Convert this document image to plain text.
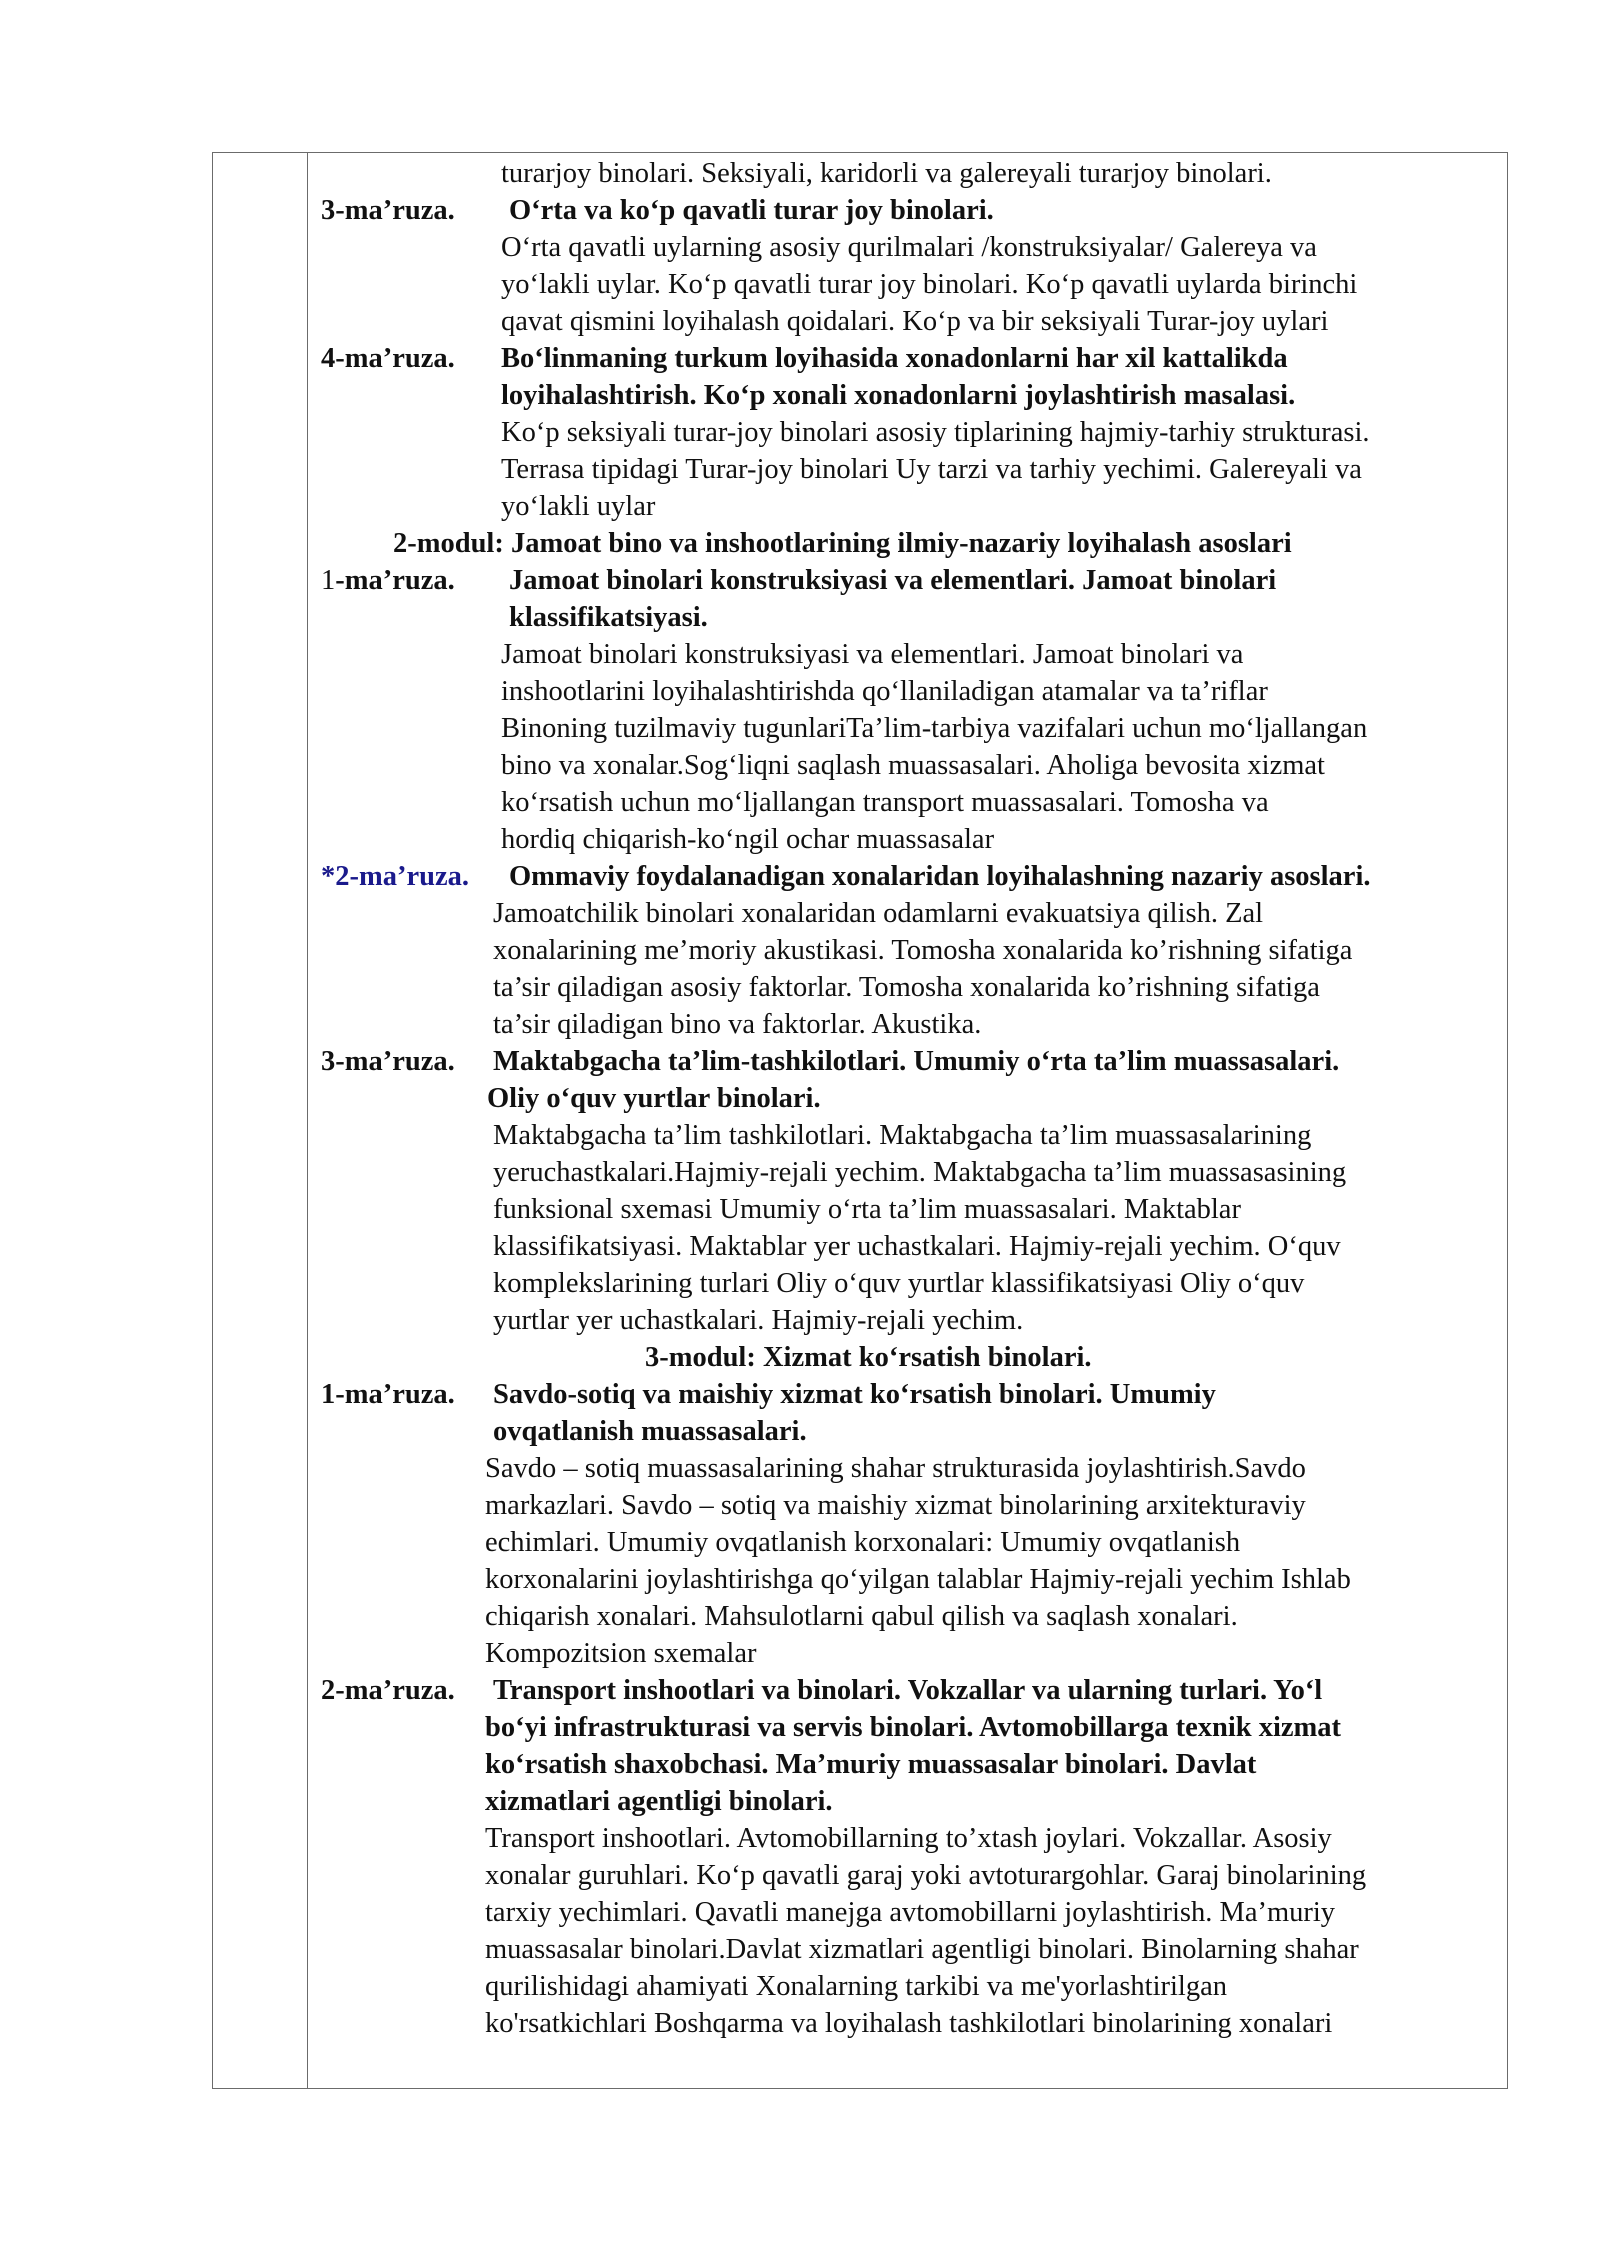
turarjoy binolari. Seksiyali, karidorli va galereyali turarjoy binolari.
3-ma’ruza. O‘rta va ko‘p qavatli turar joy binolari.
O‘rta qavatli uylarning asosiy qurilmalari /konstruksiyalar/ Galereya va
yo‘lakli uylar. Ko‘p qavatli turar joy binolari. Ko‘p qavatli uylarda birinchi
qavat qismini loyihalash qoidalari. Ko‘p va bir seksiyali Turar-joy uylari
4-ma’ruza. Bo‘linmaning turkum loyihasida xonadonlarni har xil kattalikda
loyihalashtirish. Ko‘p xonali xonadonlarni joylashtirish masalasi.
Ko‘p seksiyali turar-joy binolari asosiy tiplarining hajmiy-tarhiy strukturasi.
Terrasa tipidagi Turar-joy binolari Uy tarzi va tarhiy yechimi. Galereyali va
yo‘lakli uylar
2-modul: Jamoat bino va inshootlarining ilmiy-nazariy loyihalash asoslari
1-ma’ruza. Jamoat binolari konstruksiyasi va elementlari. Jamoat binolari
klassifikatsiyasi.
Jamoat binolari konstruksiyasi va elementlari. Jamoat binolari va
inshootlarini loyihalashtirishda qo‘llaniladigan atamalar va ta’riflar
Binoning tuzilmaviy tugunlariTa’lim-tarbiya vazifalari uchun mo‘ljallangan
bino va xonalar.Sog‘liqni saqlash muassasalari. Aholiga bevosita xizmat
ko‘rsatish uchun mo‘ljallangan transport muassasalari. Tomosha va
hordiq chiqarish-ko‘ngil ochar muassasalar
*2-ma’ruza. Ommaviy foydalanadigan xonalaridan loyihalashning nazariy asoslari.
Jamoatchilik binolari xonalaridan odamlarni evakuatsiya qilish. Zal
xonalarining me’moriy akustikasi. Tomosha xonalarida ko’rishning sifatiga
ta’sir qiladigan asosiy faktorlar. Tomosha xonalarida ko’rishning sifatiga
ta’sir qiladigan bino va faktorlar. Akustika.
3-ma’ruza. Maktabgacha ta’lim-tashkilotlari. Umumiy o‘rta ta’lim muassasalari.
Oliy o‘quv yurtlar binolari.
Maktabgacha ta’lim tashkilotlari. Maktabgacha ta’lim muassasalarining
yeruchastkalari.Hajmiy-rejali yechim. Maktabgacha ta’lim muassasasining
funksional sxemasi Umumiy o‘rta ta’lim muassasalari. Maktablar
klassifikatsiyasi. Maktablar yer uchastkalari. Hajmiy-rejali yechim. O‘quv
komplekslarining turlari Oliy o‘quv yurtlar klassifikatsiyasi Oliy o‘quv
yurtlar yer uchastkalari. Hajmiy-rejali yechim.
3-modul: Xizmat ko‘rsatish binolari.
1-ma’ruza. Savdo-sotiq va maishiy xizmat ko‘rsatish binolari. Umumiy
ovqatlanish muassasalari.
Savdo – sotiq muassasalarining shahar strukturasida joylashtirish.Savdo
markazlari. Savdo – sotiq va maishiy xizmat binolarining arxitekturaviy
echimlari. Umumiy ovqatlanish korxonalari: Umumiy ovqatlanish
korxonalarini joylashtirishga qo‘yilgan talablar Hajmiy-rejali yechim Ishlab
chiqarish xonalari. Mahsulotlarni qabul qilish va saqlash xonalari.
Kompozitsion sxemalar
2-ma’ruza. Transport inshootlari va binolari. Vokzallar va ularning turlari. Yo‘l
bo‘yi infrastrukturasi va servis binolari. Avtomobillarga texnik xizmat
ko‘rsatish shaxobchasi. Ma’muriy muassasalar binolari. Davlat
xizmatlari agentligi binolari.
Transport inshootlari. Avtomobillarning to’xtash joylari. Vokzallar. Asosiy
xonalar guruhlari. Ko‘p qavatli garaj yoki avtoturargohlar. Garaj binolarining
tarxiy yechimlari. Qavatli manejga avtomobillarni joylashtirish. Ma’muriy
muassasalar binolari.Davlat xizmatlari agentligi binolari. Binolarning shahar
qurilishidagi ahamiyati Xonalarning tarkibi va me'yorlashtirilgan
ko'rsatkichlari Boshqarma va loyihalash tashkilotlari binolarining xonalari
